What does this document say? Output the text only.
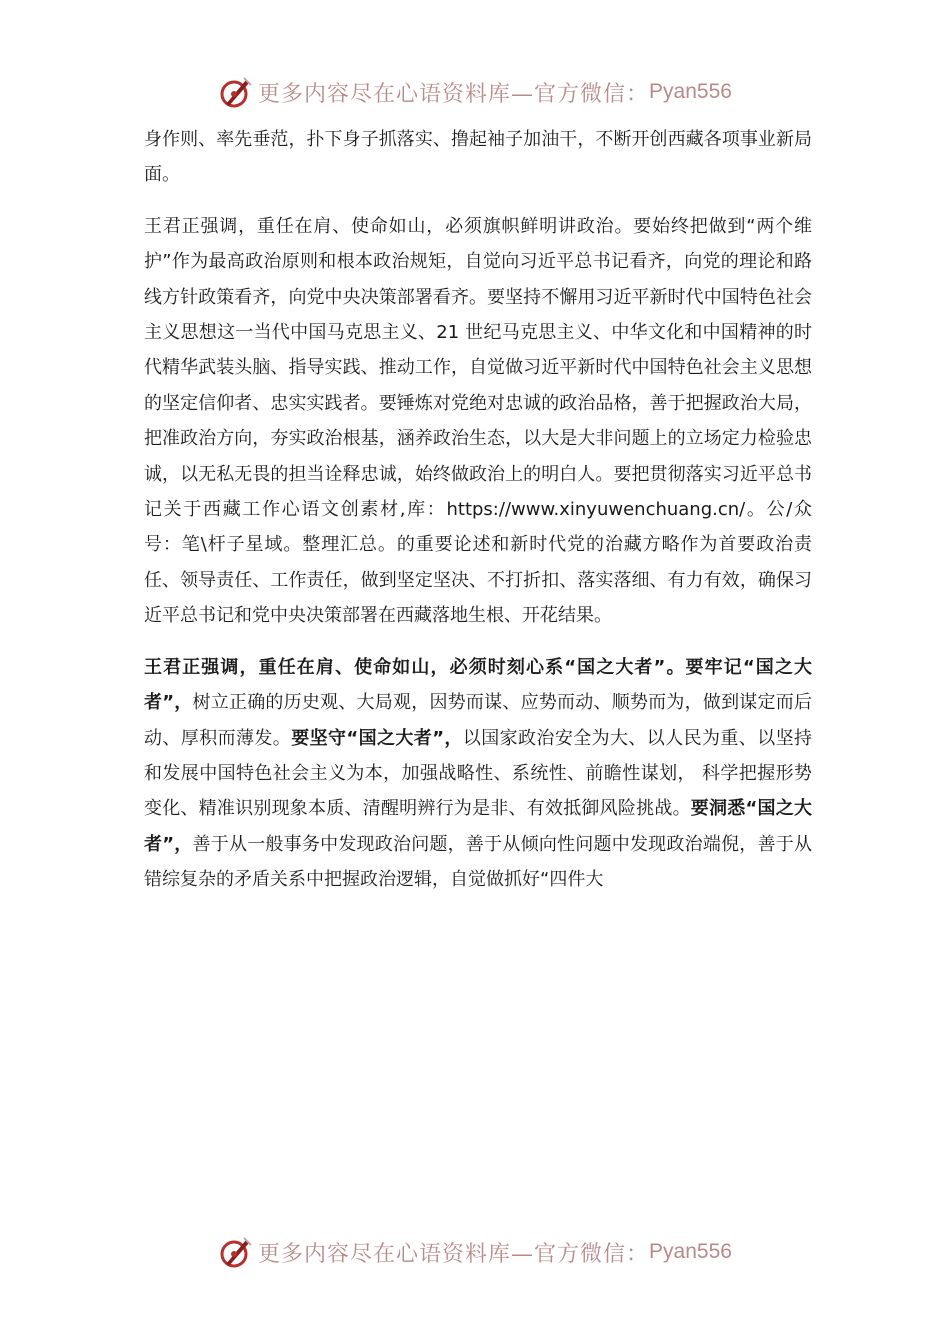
更多内容尽在心语资料库—官方微信： Pyan556

身作则、率先垂范，扑下身子抓落实、撸起袖子加油干，不断开创西藏各项事业新局面。

王君正强调，重任在肩、使命如山，必须旗帜鲜明讲政治。要始终把做到“两个维护”作为最高政治原则和根本政治规矩，自觉向习近平总书记看齐，向党的理论和路线方针政策看齐，向党中央决策部署看齐。要坚持不懈用习近平新时代中国特色社会主义思想这一当代中国马克思主义、21 世纪马克思主义、中华文化和中国精神的时代精华武装头脑、指导实践、推动工作，自觉做习近平新时代中国特色社会主义思想的坚定信仰者、忠实实践者。要锤炼对党绝对忠诚的政治品格，善于把握政治大局，把准政治方向，夯实政治根基，涵养政治生态，以大是大非问题上的立场定力检验忠诚，以无私无畏的担当诠释忠诚，始终做政治上的明白人。要把贯彻落实习近平总书记关于西藏工作心语文创素材,库：https://www.xinyuwenchuang.cn/。公/众号：笔\杆子星域。整理汇总。的重要论述和新时代党的治藏方略作为首要政治责任、领导责任、工作责任，做到坚定坚决、不打折扣、落实落细、有力有效，确保习近平总书记和党中央决策部署在西藏落地生根、开花结果。

王君正强调，重任在肩、使命如山，必须时刻心系“国之大者”。要牢记“国之大者”，树立正确的历史观、大局观，因势而谋、应势而动、顺势而为，做到谋定而后动、厚积而薄发。要坚守“国之大者”，以国家政治安全为大、以人民为重、以坚持和发展中国特色社会主义为本，加强战略性、系统性、前瞻性谋划， 科学把握形势变化、精准识别现象本质、清醒明辨行为是非、有效抵御风险挑战。要洞悉“国之大者”，善于从一般事务中发现政治问题，善于从倾向性问题中发现政治端倪，善于从错综复杂的矛盾关系中把握政治逻辑，自觉做抓好“四件大

更多内容尽在心语资料库—官方微信： Pyan556
